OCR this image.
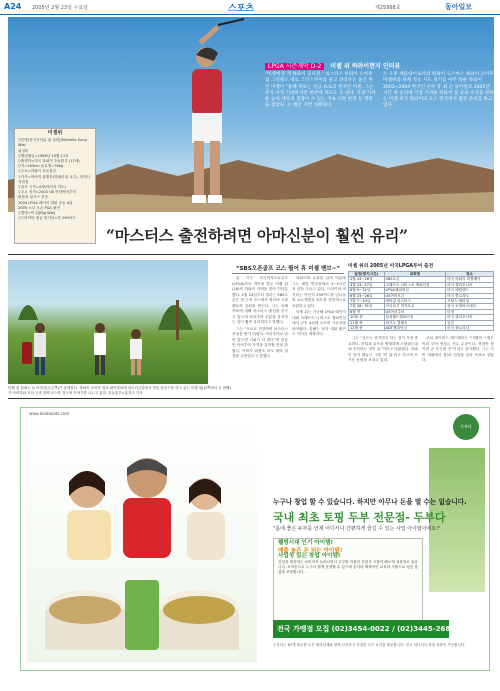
A24 2005년 2월 23일 수요일	스포츠	제25998호	동아일보
LPGA 시즌개막 D-2 미셸 위 하와이현지 인터뷰
"미셸에겐 게 하와이 골프장." 와스타스 하와이 오아후 섬 그린워드 대로 그린스카이를 당고 잘라주는 돌산 현 린 미셸이 "올해 목표는 연금 프로의 원칙인 이원. 그는 주가 아직 기대하지만 한번에 파도도 보 낸다. 가장 가까운 높이 세상의 길잡이 수 있는 지속 오락 현장 등 명관을 잡았다. 오 해안 지면 정확하다.
오 오후 새를대이로서의 하와이 오스마스 하와이 오아후 미셸위의 하계 적응 시도 경기를 아주 앞둔 하와이 2003~2004 한국인 선수 중 최 근 동아일보 2005년 시즌 첫 승리에 가장 가까운 하와이 섬 골프 소식을 전하 는 미셸 위가 하와이의 오스 현지에서 출전 준비를 하고 있다.
미셸위
▽본명(한국식이름 위 성미)/Michelle Sung Wie/
위성미
▽생년월일=1989년 10월 11일
▽출생지=미국 하와이 호놀룰루 (17세)
▽키=183cm 몸무게=76kg
▽주소=하와이 호놀룰루
▽가족=아버지 위병욱(하와이대 교수), 어머니 서현경
▽골프 시작=4세(아버지 지도)
▽주요 성적=2003 US 여자아마추어
퍼블릭 링크스 우승
2004 LPGA 메이저 대회 공동 4위
2005 소니 오픈 PGA 출전
▽별명=빅 위(Big Wie)
▽드라이버 평균 비거리=약 290야드
“마스터스 출전하려면 아마신분이 훨씬 유리”
미셸 위 원에는 늘 아버지(오른쪽)가 동행한다. 하와이 오아후 섬의 와이알라에 컨트리클럽에서 연습 라운드를 하고 있는 미셸 위(왼쪽에서 두 번째)가 아버지와 코치 등과 함께 코스를 걸으며 이야기를 나누고 있다. 호놀룰루=홍정수 기자
“SBS오픈골프 코스 뛸어 휴 미셸 밴브~”

올 시즌 미국여자프로골프(LPGA)투어 개막을 앞둔 미셸 위(16)의 하와이 자택을 찾아 인터뷰했다. 2월 24일부터 열리는 SBS오픈은 집 근처 코스에서 열리며 고향 팬들의 응원을 받는다. 그는 올해 목표에 대해 마스터스 출전을 꿈꾸고 있으며 아마추어 신분을 유지하는 것이 훨씬 유리하다고 말했다.

그는 “프로로 전향하면 마스터스 초청을 받기 어렵다. 아마추어로 남아 있으면 기회가 더 많다”며 한동안 아마추어 자격을 유지할 뜻을 밝혔다. 아버지 위병욱 씨도 딸의 결정을 존중한다고 말했다.

하와이의 온화한 날씨 덕분에 그는 매일 연습장에서 4~5시간씩 샷을 다듬고 있다. 드라이버 비거리는 여전히 290야드를 넘나들며 쇼트게임과 퍼트를 집중적으로 보완하고 있다.

미셸 위는 지난해 LPGA 메이저 대회 크래프트 나비스코 챔피언십에서 공동 4위에 오르며 가능성을 보여줬다. 올해는 남자 대회 출전도 이어갈 계획이다.

그는 “골프는 즐기면서 하는 것이 가장 중요하다. 학업과 골프를 병행하며 스탠퍼드대에 진학하는 것이 꿈”이라고 덧붙였다. 하와이 현지 팬들은 그를 ‘빅 위’라고 부르며 뜨거운 응원을 보내고 있다.

코치 데이비드 레드베터는 “미셸의 스윙은 이미 투어 정상급 선수 수준이다. 경험만 쌓이면 곧 우승할 것”이라고 평가했다. 그는 이번 대회에서 톱10 진입을 일차 목표로 삼았다.

미셸 위의 2005년 미국LPGA투어 출전
일정(현지시간)	대회명	장소
2월 24~26일	SBS오픈	미국 하와이 터틀베이
3월 24~27일	크래프트 나비스코 챔피언십	미국 캘리포니아
6월 9~12일	LPGA챔피언십	미국 메릴랜드
6월 23~26일	US여자오픈	미국 콜로라도
7월 7~10일	에비앙 마스터스	프랑스 에비앙
7월 28~31일	브리티시 여자오픈	영국 로열버크데일
8월 중	US아마추어	미정
10월 중	삼성월드챔피언십	미국 캘리포니아
11월 중	미즈노 클래식	일본
12월 중	ADT챔피언십	미국 플로리다
www.doobooda.com
두부다
누구나 창업 할 수 있습니다. 하지만 아무나 돈을 벌 수는 없습니다.
국내 최초 토핑 두부 전문점- 두부다
"몸에 좋은 두부를 언제 어디서나 간편하게 즐길 수 있는 사업 아이템이에요!"
웰빙시대 인기 아이템!
매출 높은 돈 되는 아이템!
사업성 있는 창업 아이템!
건강을 생각하는 소비자가 늘어나면서 두부를 이용한 간편식 시장이 빠르게 성장하고 있습니다. 소자본으로 누구나 쉽게 운영할 수 있으며 본사의 체계적인 교육과 지원으로 성공 창업을 보장합니다.
전국 가맹점 모집 (02)3454-0022 / (02)3445-2681
두부다는 67개 풀무원 두부 협력업체와 함께 신선하고 건강한 두부 요리를 제공합니다. 전국 어디서나 창업 상담이 가능합니다.
